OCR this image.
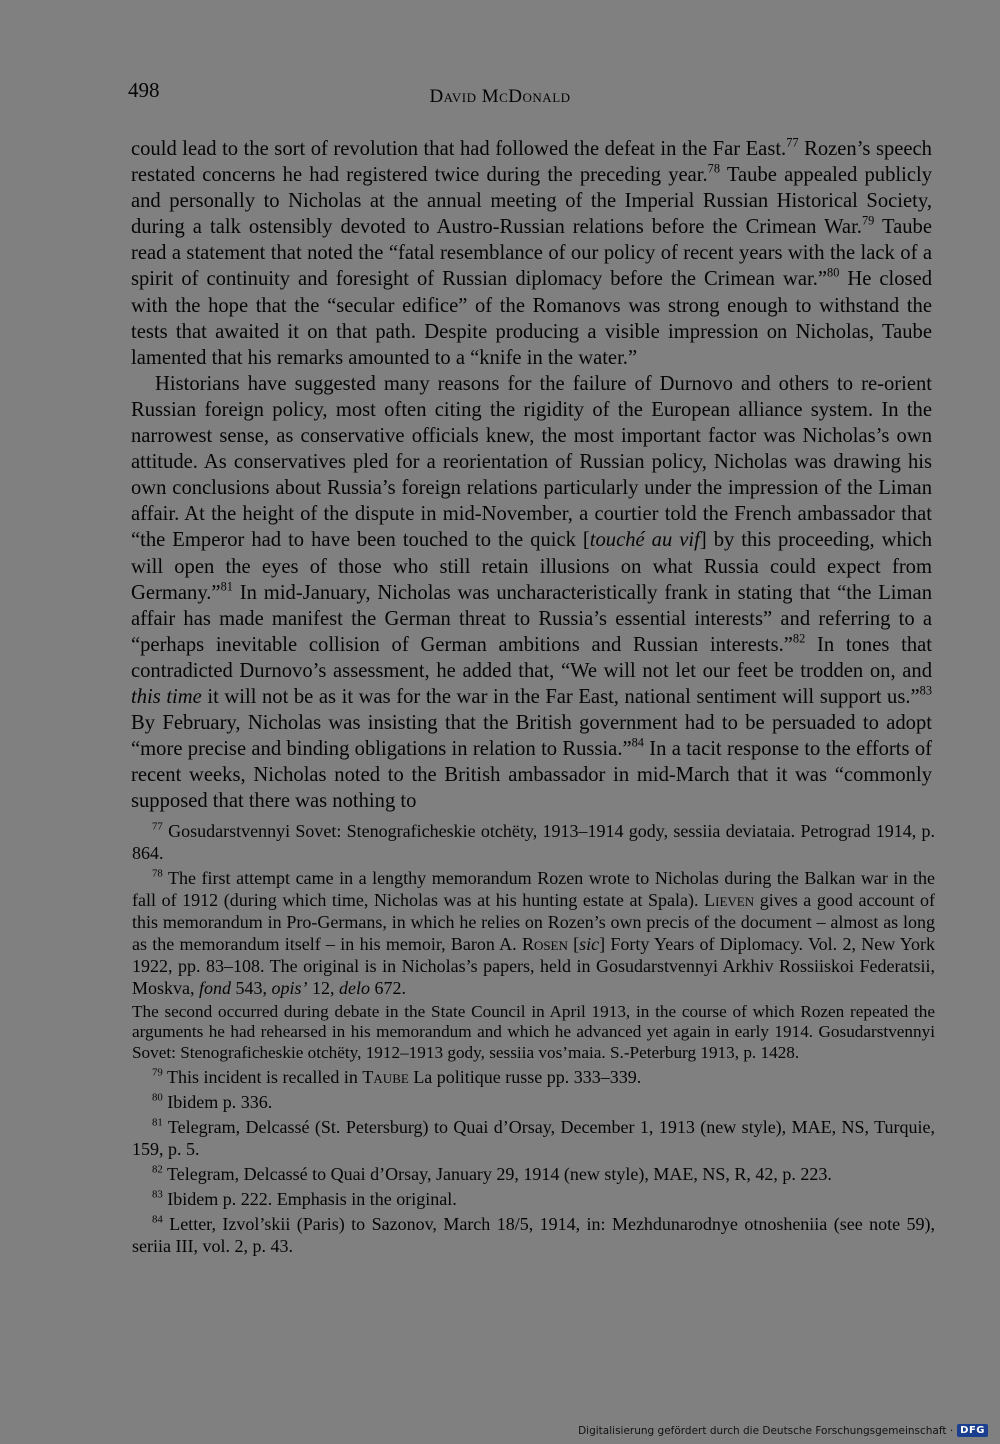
498	David McDonald

could lead to the sort of revolution that had followed the defeat in the Far East.$^{77}$ Rozen’s speech restated concerns he had registered twice during the preceding year.$^{78}$ Taube appealed publicly and personally to Nicholas at the annual meeting of the Imperial Russian Historical Society, during a talk ostensibly devoted to Austro-Russian relations before the Crimean War.$^{79}$ Taube read a statement that noted the “fatal resemblance of our policy of recent years with the lack of a spirit of continuity and foresight of Russian diplomacy before the Crimean war.”$^{80}$ He closed with the hope that the “secular edifice” of the Romanovs was strong enough to withstand the tests that awaited it on that path. Despite producing a visible impression on Nicholas, Taube lamented that his remarks amounted to a “knife in the water.”

Historians have suggested many reasons for the failure of Durnovo and others to re-orient Russian foreign policy, most often citing the rigidity of the European alliance system. In the narrowest sense, as conservative officials knew, the most important factor was Nicholas’s own attitude. As conservatives pled for a reorientation of Russian policy, Nicholas was drawing his own conclusions about Russia’s foreign relations particularly under the impression of the Liman affair. At the height of the dispute in mid-November, a courtier told the French ambassador that “the Emperor had to have been touched to the quick [touché au vif] by this proceeding, which will open the eyes of those who still retain illusions on what Russia could expect from Germany.”$^{81}$ In mid-January, Nicholas was uncharacteristically frank in stating that “the Liman affair has made manifest the German threat to Russia’s essential interests” and referring to a “perhaps inevitable collision of German ambitions and Russian interests.”$^{82}$ In tones that contradicted Durnovo’s assessment, he added that, “We will not let our feet be trodden on, and this time it will not be as it was for the war in the Far East, national sentiment will support us.”$^{83}$ By February, Nicholas was insisting that the British government had to be persuaded to adopt “more precise and binding obligations in relation to Russia.”$^{84}$ In a tacit response to the efforts of recent weeks, Nicholas noted to the British ambassador in mid-March that it was “commonly supposed that there was nothing to

$^{77}$ Gosudarstvennyi Sovet: Stenograficheskie otchëty, 1913–1914 gody, sessiia deviataia. Petrograd 1914, p. 864.

$^{78}$ The first attempt came in a lengthy memorandum Rozen wrote to Nicholas during the Balkan war in the fall of 1912 (during which time, Nicholas was at his hunting estate at Spala). Lieven gives a good account of this memorandum in Pro-Germans, in which he relies on Rozen’s own precis of the document – almost as long as the memorandum itself – in his memoir, Baron A. Rosen [sic] Forty Years of Diplomacy. Vol. 2, New York 1922, pp. 83–108. The original is in Nicholas’s papers, held in Gosudarstvennyi Arkhiv Rossiiskoi Federatsii, Moskva, fond 543, opis’ 12, delo 672.

The second occurred during debate in the State Council in April 1913, in the course of which Rozen repeated the arguments he had rehearsed in his memorandum and which he advanced yet again in early 1914. Gosudarstvennyi Sovet: Stenograficheskie otchëty, 1912–1913 gody, sessiia vos’maia. S.-Peterburg 1913, p. 1428.

$^{79}$ This incident is recalled in Taube La politique russe pp. 333–339.

$^{80}$ Ibidem p. 336.

$^{81}$ Telegram, Delcassé (St. Petersburg) to Quai d’Orsay, December 1, 1913 (new style), MAE, NS, Turquie, 159, p. 5.

$^{82}$ Telegram, Delcassé to Quai d’Orsay, January 29, 1914 (new style), MAE, NS, R, 42, p. 223.

$^{83}$ Ibidem p. 222. Emphasis in the original.

$^{84}$ Letter, Izvol’skii (Paris) to Sazonov, March 18/5, 1914, in: Mezhdunarodnye otnosheniia (see note 59), seriia III, vol. 2, p. 43.

Digitalisierung gefördert durch die Deutsche Forschungsgemeinschaft · DFG
